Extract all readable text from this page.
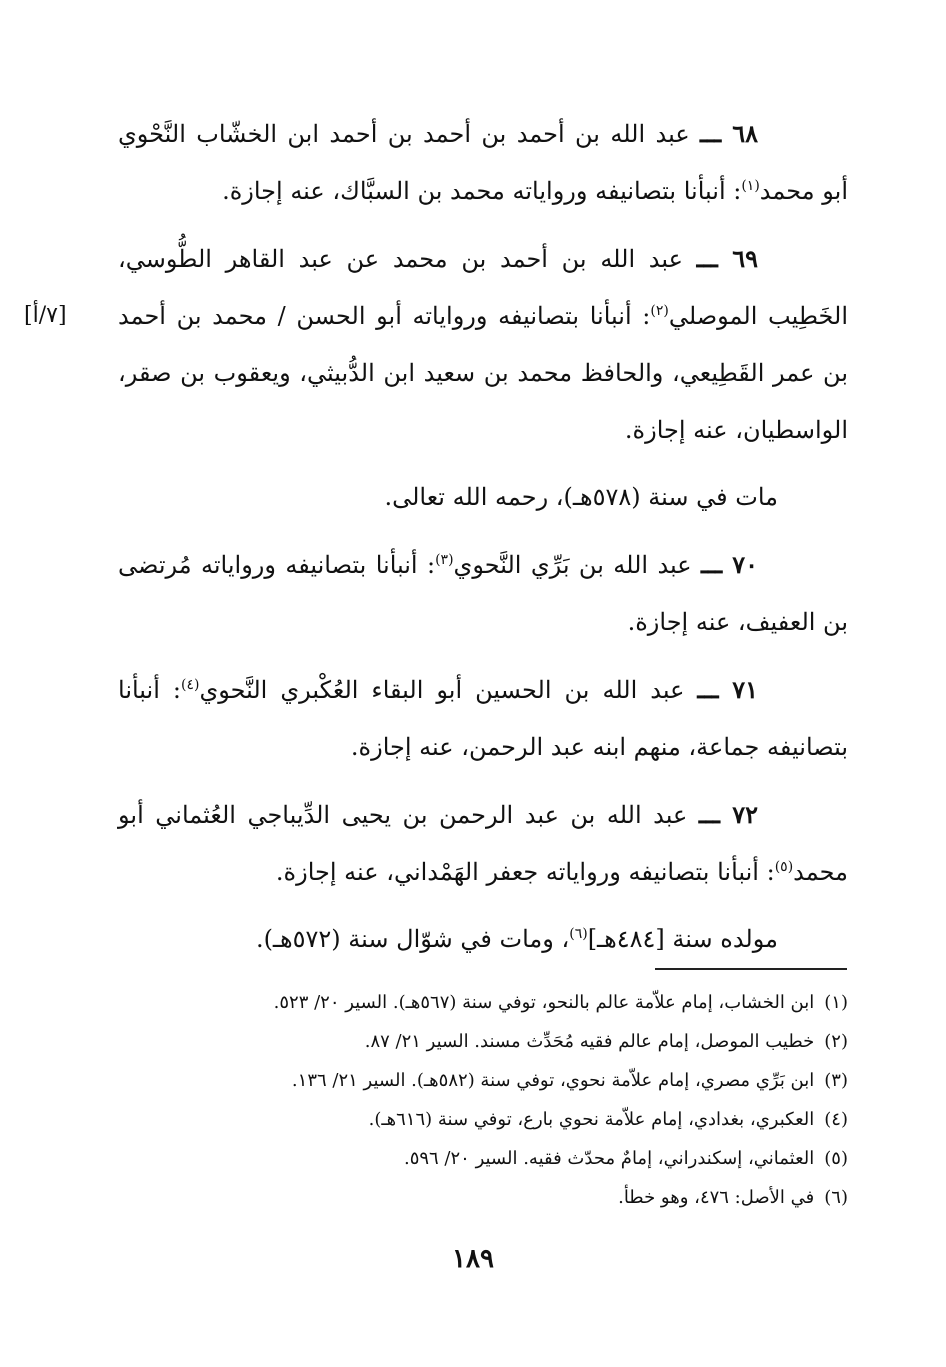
٦٨ ـــ عبد الله بن أحمد بن أحمد بن أحمد ابن الخشّاب النَّحْوي أبو محمد$^{(١)}$: أنبأنا بتصانيفه ورواياته محمد بن السبَّاك، عنه إجازة.

[٧/أ]
٦٩ ـــ عبد الله بن أحمد بن محمد عن عبد القاهر الطُّوسي، الخَطِيب الموصلي$^{(٢)}$: أنبأنا بتصانيفه ورواياته أبو الحسن / محمد بن أحمد بن عمر القَطِيعي، والحافظ محمد بن سعيد ابن الدُّبيثي، ويعقوب بن صقر، الواسطيان، عنه إجازة.

مات في سنة (٥٧٨هـ)، رحمه الله تعالى.

٧٠ ـــ عبد الله بن بَرِّي النَّحوي$^{(٣)}$: أنبأنا بتصانيفه ورواياته مُرتضى بن العفيف، عنه إجازة.

٧١ ـــ عبد الله بن الحسين أبو البقاء العُكْبري النَّحوي$^{(٤)}$: أنبأنا بتصانيفه جماعة، منهم ابنه عبد الرحمن، عنه إجازة.

٧٢ ـــ عبد الله بن عبد الرحمن بن يحيى الدِّيباجي العُثماني أبو محمد$^{(٥)}$: أنبأنا بتصانيفه ورواياته جعفر الهَمْداني، عنه إجازة.

مولده سنة [٤٨٤هـ]$^{(٦)}$، ومات في شوّال سنة (٥٧٢هـ).

(١)ابن الخشاب، إمام علاّمة عالم بالنحو، توفي سنة (٥٦٧هـ). السير ٢٠/ ٥٢٣.
(٢)خطيب الموصل، إمام عالم فقيه مُحَدِّث مسند. السير ٢١/ ٨٧.
(٣)ابن بَرِّي مصري، إمام علاّمة نحوي، توفي سنة (٥٨٢هـ). السير ٢١/ ١٣٦.
(٤)العكبري، بغدادي، إمام علاّمة نحوي بارع، توفي سنة (٦١٦هـ).
(٥)العثماني، إسكندراني، إمامٌ محدّث فقيه. السير ٢٠/ ٥٩٦.
(٦)في الأصل: ٤٧٦، وهو خطأ.
١٨٩
